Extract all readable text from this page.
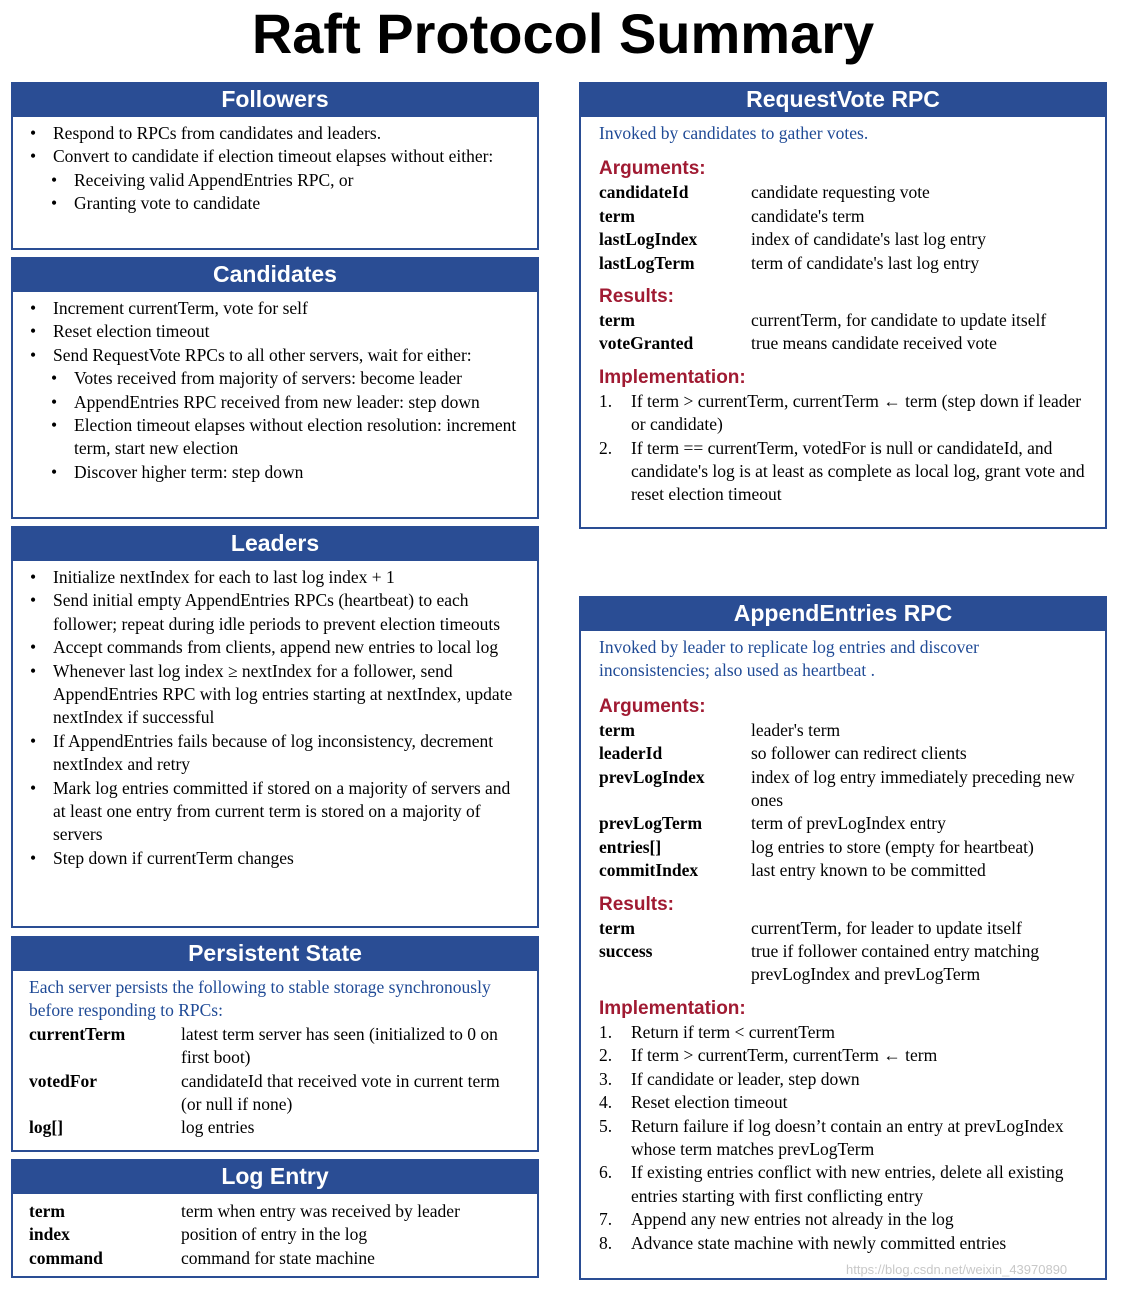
Raft Protocol Summary
Followers
• Respond to RPCs from candidates and leaders.
• Convert to candidate if election timeout elapses without either:
• Receiving valid AppendEntries RPC, or
• Granting vote to candidate
Candidates
• Increment currentTerm, vote for self
• Reset election timeout
• Send RequestVote RPCs to all other servers, wait for either:
• Votes received from majority of servers: become leader
• AppendEntries RPC received from new leader: step down
• Election timeout elapses without election resolution: increment term, start new election
• Discover higher term: step down
Leaders
• Initialize nextIndex for each to last log index + 1
• Send initial empty AppendEntries RPCs (heartbeat) to each follower; repeat during idle periods to prevent election timeouts
• Accept commands from clients, append new entries to local log
• Whenever last log index ≥ nextIndex for a follower, send AppendEntries RPC with log entries starting at nextIndex, update nextIndex if successful
• If AppendEntries fails because of log inconsistency, decrement nextIndex and retry
• Mark log entries committed if stored on a majority of servers and at least one entry from current term is stored on a majority of servers
• Step down if currentTerm changes
Persistent State
Each server persists the following to stable storage synchronously before responding to RPCs:
currentTerm	latest term server has seen (initialized to 0 on first boot)
votedFor	candidateId that received vote in current term (or null if none)
log[]	log entries
Log Entry
term	term when entry was received by leader
index	position of entry in the log
command	command for state machine
RequestVote RPC
Invoked by candidates to gather votes.
Arguments:
candidateId	candidate requesting vote
term	candidate's term
lastLogIndex	index of candidate's last log entry
lastLogTerm	term of candidate's last log entry
Results:
term	currentTerm, for candidate to update itself
voteGranted	true means candidate received vote
Implementation:
1.	If term > currentTerm, currentTerm ← term (step down if leader or candidate)
2.	If term == currentTerm, votedFor is null or candidateId, and candidate's log is at least as complete as local log, grant vote and reset election timeout
AppendEntries RPC
Invoked by leader to replicate log entries and discover inconsistencies; also used as heartbeat .
Arguments:
term	leader's term
leaderId	so follower can redirect clients
prevLogIndex	index of log entry immediately preceding new ones
prevLogTerm	term of prevLogIndex entry
entries[]	log entries to store (empty for heartbeat)
commitIndex	last entry known to be committed
Results:
term	currentTerm, for leader to update itself
success	true if follower contained entry matching prevLogIndex and prevLogTerm
Implementation:
1.	Return if term < currentTerm
2.	If term > currentTerm, currentTerm ← term
3.	If candidate or leader, step down
4.	Reset election timeout
5.	Return failure if log doesn’t contain an entry at prevLogIndex whose term matches prevLogTerm
6.	If existing entries conflict with new entries, delete all existing entries starting with first conflicting entry
7.	Append any new entries not already in the log
8.	Advance state machine with newly committed entries
https://blog.csdn.net/weixin_43970890
